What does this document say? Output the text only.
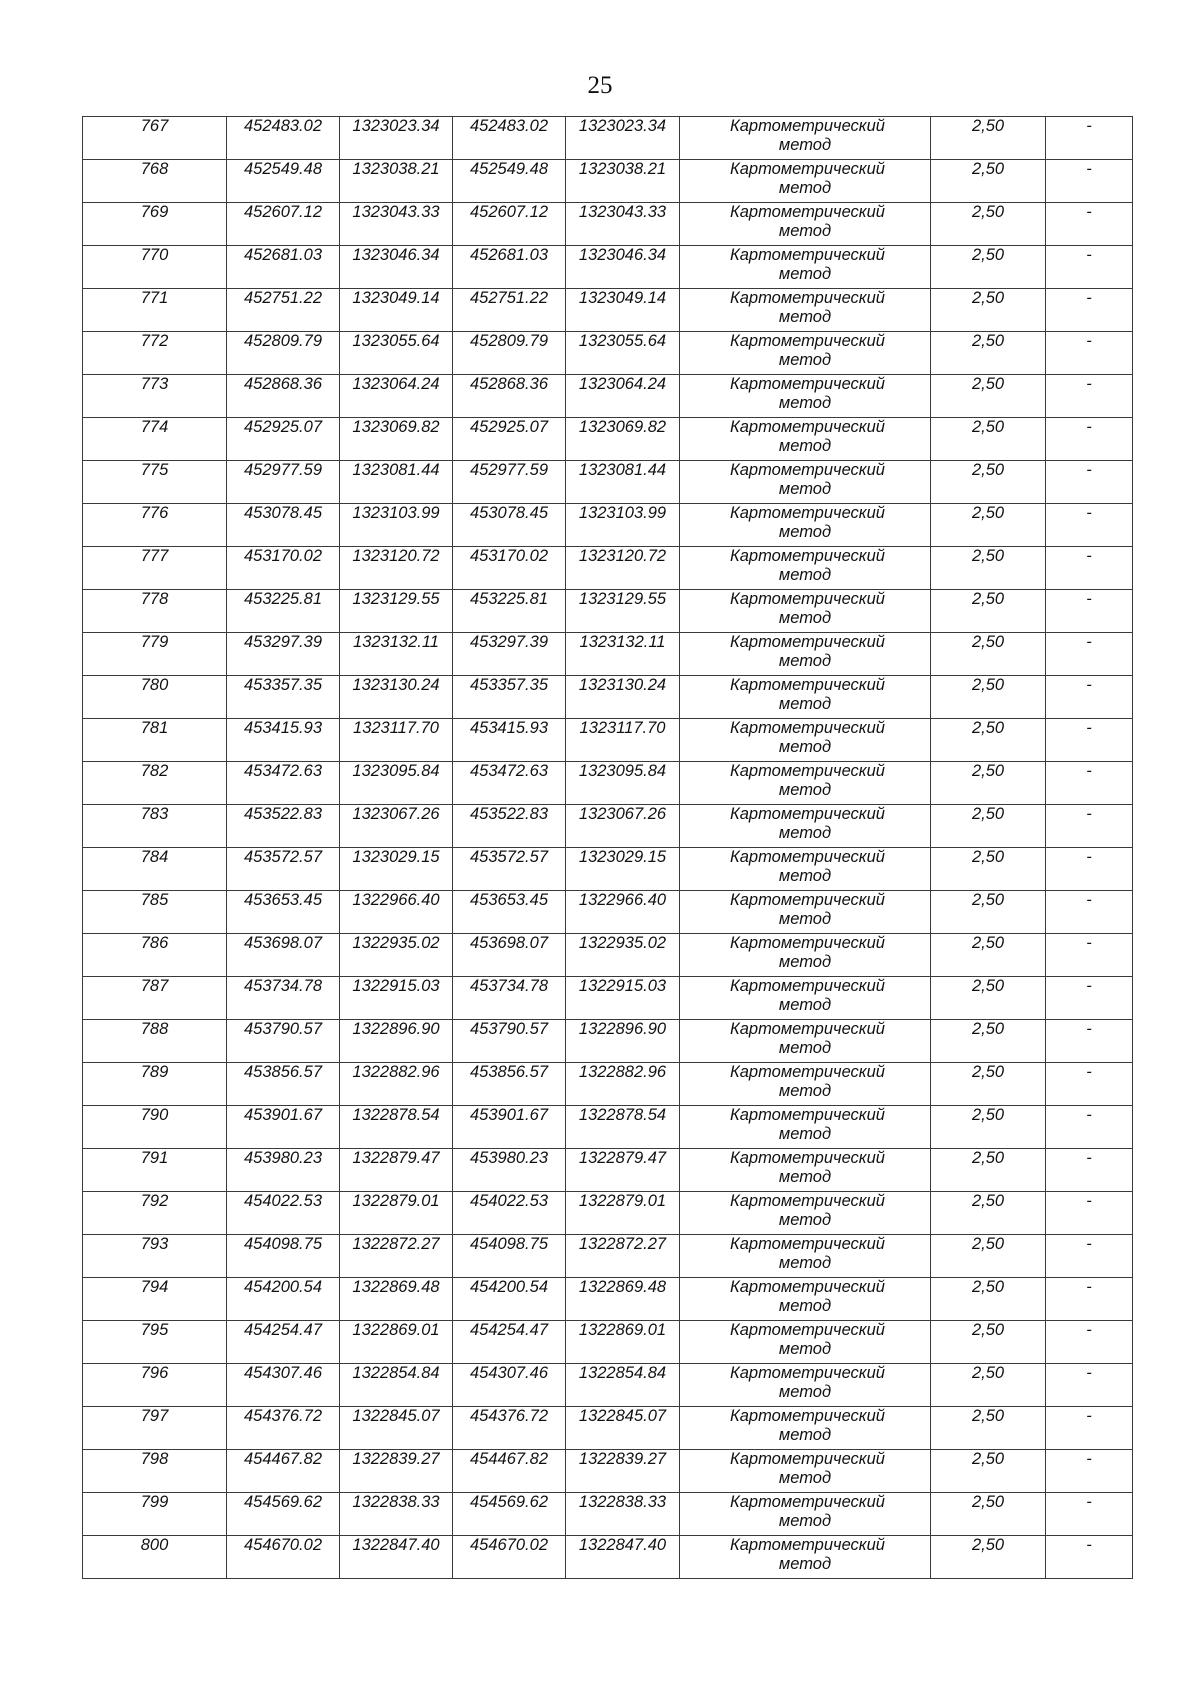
25
767	452483.02	1323023.34	452483.02	1323023.34	Картометрический метод	2,50	-
768	452549.48	1323038.21	452549.48	1323038.21	Картометрический метод	2,50	-
769	452607.12	1323043.33	452607.12	1323043.33	Картометрический метод	2,50	-
770	452681.03	1323046.34	452681.03	1323046.34	Картометрический метод	2,50	-
771	452751.22	1323049.14	452751.22	1323049.14	Картометрический метод	2,50	-
772	452809.79	1323055.64	452809.79	1323055.64	Картометрический метод	2,50	-
773	452868.36	1323064.24	452868.36	1323064.24	Картометрический метод	2,50	-
774	452925.07	1323069.82	452925.07	1323069.82	Картометрический метод	2,50	-
775	452977.59	1323081.44	452977.59	1323081.44	Картометрический метод	2,50	-
776	453078.45	1323103.99	453078.45	1323103.99	Картометрический метод	2,50	-
777	453170.02	1323120.72	453170.02	1323120.72	Картометрический метод	2,50	-
778	453225.81	1323129.55	453225.81	1323129.55	Картометрический метод	2,50	-
779	453297.39	1323132.11	453297.39	1323132.11	Картометрический метод	2,50	-
780	453357.35	1323130.24	453357.35	1323130.24	Картометрический метод	2,50	-
781	453415.93	1323117.70	453415.93	1323117.70	Картометрический метод	2,50	-
782	453472.63	1323095.84	453472.63	1323095.84	Картометрический метод	2,50	-
783	453522.83	1323067.26	453522.83	1323067.26	Картометрический метод	2,50	-
784	453572.57	1323029.15	453572.57	1323029.15	Картометрический метод	2,50	-
785	453653.45	1322966.40	453653.45	1322966.40	Картометрический метод	2,50	-
786	453698.07	1322935.02	453698.07	1322935.02	Картометрический метод	2,50	-
787	453734.78	1322915.03	453734.78	1322915.03	Картометрический метод	2,50	-
788	453790.57	1322896.90	453790.57	1322896.90	Картометрический метод	2,50	-
789	453856.57	1322882.96	453856.57	1322882.96	Картометрический метод	2,50	-
790	453901.67	1322878.54	453901.67	1322878.54	Картометрический метод	2,50	-
791	453980.23	1322879.47	453980.23	1322879.47	Картометрический метод	2,50	-
792	454022.53	1322879.01	454022.53	1322879.01	Картометрический метод	2,50	-
793	454098.75	1322872.27	454098.75	1322872.27	Картометрический метод	2,50	-
794	454200.54	1322869.48	454200.54	1322869.48	Картометрический метод	2,50	-
795	454254.47	1322869.01	454254.47	1322869.01	Картометрический метод	2,50	-
796	454307.46	1322854.84	454307.46	1322854.84	Картометрический метод	2,50	-
797	454376.72	1322845.07	454376.72	1322845.07	Картометрический метод	2,50	-
798	454467.82	1322839.27	454467.82	1322839.27	Картометрический метод	2,50	-
799	454569.62	1322838.33	454569.62	1322838.33	Картометрический метод	2,50	-
800	454670.02	1322847.40	454670.02	1322847.40	Картометрический метод	2,50	-
